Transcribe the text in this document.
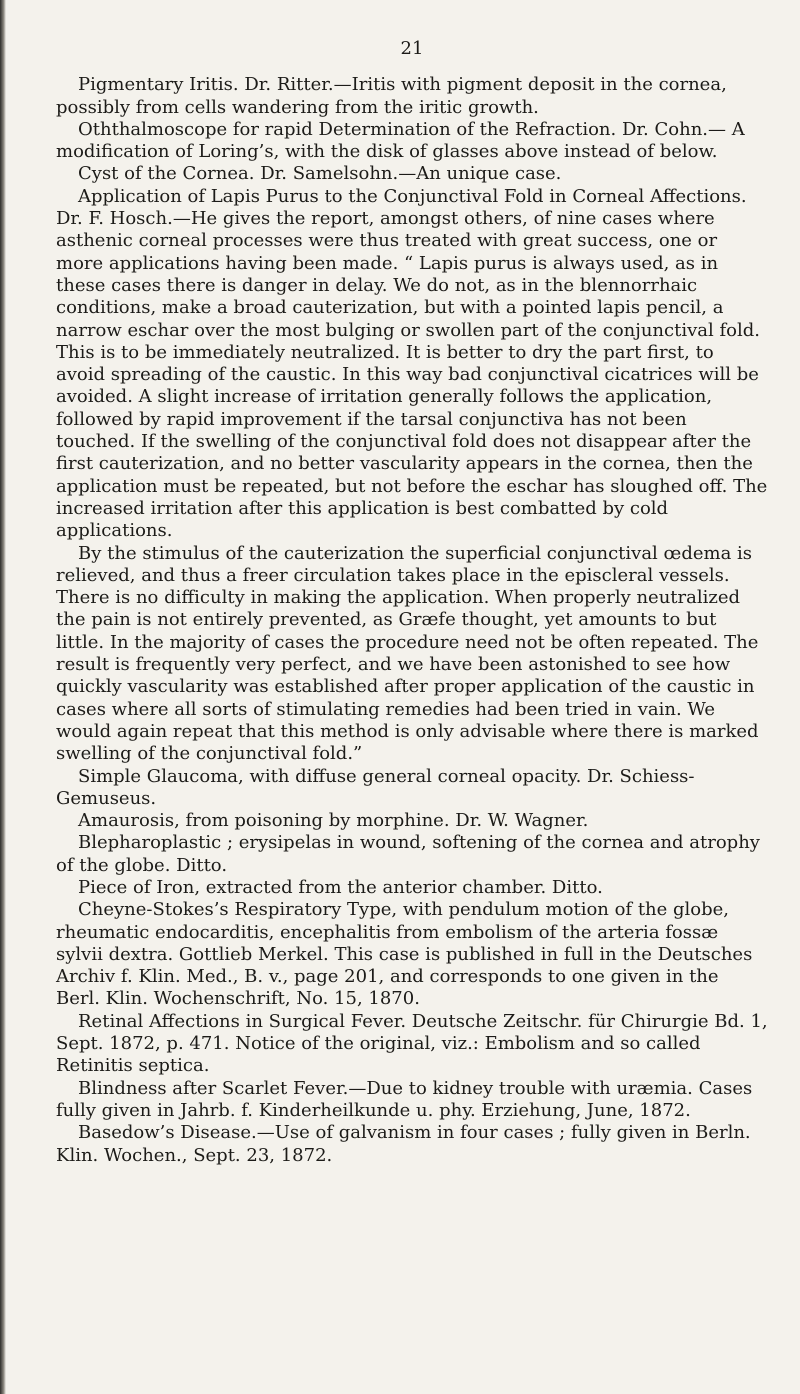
21

Pigmentary Iritis. Dr. Ritter.—Iritis with pigment deposit in the cornea, possibly from cells wandering from the iritic growth.

Oththalmoscope for rapid Determination of the Refraction. Dr. Cohn.— A modification of Loring’s, with the disk of glasses above instead of below.

Cyst of the Cornea. Dr. Samelsohn.—An unique case.

Application of Lapis Purus to the Conjunctival Fold in Corneal Affections. Dr. F. Hosch.—He gives the report, amongst others, of nine cases where asthenic corneal processes were thus treated with great success, one or more applications having been made. “ Lapis purus is always used, as in these cases there is danger in delay. We do not, as in the blennorrhaic conditions, make a broad cauterization, but with a pointed lapis pencil, a narrow eschar over the most bulging or swollen part of the conjunctival fold. This is to be immediately neutralized. It is better to dry the part first, to avoid spreading of the caustic. In this way bad conjunctival cicatrices will be avoided. A slight increase of irritation generally follows the application, followed by rapid improvement if the tarsal conjunctiva has not been touched. If the swelling of the conjunctival fold does not disappear after the first cauterization, and no better vascularity appears in the cornea, then the application must be repeated, but not before the eschar has sloughed off. The increased irritation after this application is best combatted by cold applications.

By the stimulus of the cauterization the superficial conjunctival œdema is relieved, and thus a freer circulation takes place in the episcleral vessels. There is no difficulty in making the application. When properly neutralized the pain is not entirely prevented, as Græfe thought, yet amounts to but little. In the majority of cases the procedure need not be often repeated. The result is frequently very perfect, and we have been astonished to see how quickly vascularity was established after proper application of the caustic in cases where all sorts of stimulating remedies had been tried in vain. We would again repeat that this method is only advisable where there is marked swelling of the conjunctival fold.”

Simple Glaucoma, with diffuse general corneal opacity. Dr. Schiess-Gemuseus.

Amaurosis, from poisoning by morphine. Dr. W. Wagner.

Blepharoplastic ; erysipelas in wound, softening of the cornea and atrophy of the globe. Ditto.

Piece of Iron, extracted from the anterior chamber. Ditto.

Cheyne-Stokes’s Respiratory Type, with pendulum motion of the globe, rheumatic endocarditis, encephalitis from embolism of the arteria fossæ sylvii dextra. Gottlieb Merkel. This case is published in full in the Deutsches Archiv f. Klin. Med., B. v., page 201, and corresponds to one given in the Berl. Klin. Wochenschrift, No. 15, 1870.

Retinal Affections in Surgical Fever. Deutsche Zeitschr. für Chirurgie Bd. 1, Sept. 1872, p. 471. Notice of the original, viz.: Embolism and so called Retinitis septica.

Blindness after Scarlet Fever.—Due to kidney trouble with uræmia. Cases fully given in Jahrb. f. Kinderheilkunde u. phy. Erziehung, June, 1872.

Basedow’s Disease.—Use of galvanism in four cases ; fully given in Berln. Klin. Wochen., Sept. 23, 1872.
